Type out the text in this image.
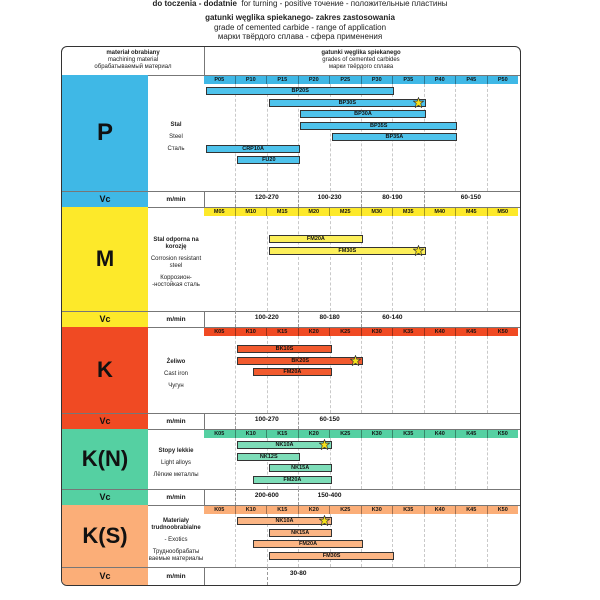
do toczenia - dodatnie for turning - positive точение - положительные пластины
gatunki węglika spiekanego- zakres zastosowania
grade of cemented carbide - range of application
марки твёрдого сплава - сфера применения
materiał obrabiany
machining material
обрабатываемый материал
gatunki węglika spiekanego
grades of cemented carbides
марки твёрдого сплава
P	Stal
Steel
Сталь
P05	P10	P15	P20	P25	P30	P35	P40	P45	P50
BP20S
BP30S
BP30A
BP35S
BP35A
CRP10A
FU20
Vc	m/min	120-270	100-230	80-190	60-150
M
Stal odporna na korozję
Corrosion resistant steel
Коррозион- -ностойкая сталь
M05	M10	M15	M20	M25	M30	M35	M40	M45	M50
FM20A
FM30S
Vc	m/min	100-220	80-180	60-140
K	Żeliwo
Cast iron
Чугун
K05	K10	K15	K20	K25	K30	K35	K40	K45	K50
BK10S
BK20S
FM20A
Vc	m/min	100-270	60-150
K(N)	Stopy lekkie
Light alloys
Лёгкие металлы
K05	K10	K15	K20	K25	K30	K35	K40	K45	K50
NK10A
NK12S
NK15A
FM20A
Vc	m/min	200-600	150-400
K(S)
Materiały trudnoobrabialne
- Exotics
Труднообрабаты ваемые материалы
K05	K10	K15	K20	K25	K30	K35	K40	K45	K50
NK10A
NK15A
FM20A
FM30S
Vc	m/min	30-80
